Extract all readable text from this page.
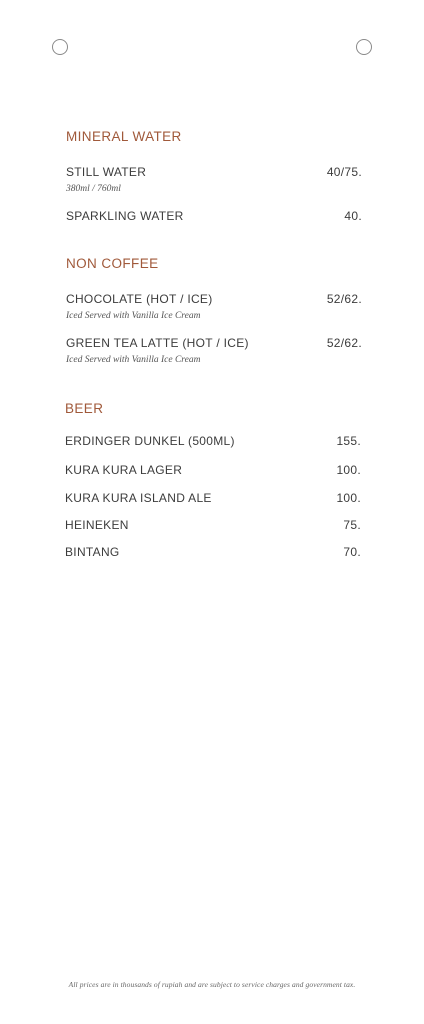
MINERAL WATER
STILL WATER	40/75.
380ml / 760ml
SPARKLING WATER	40.
NON COFFEE
CHOCOLATE (HOT / ICE)	52/62.
Iced Served with Vanilla Ice Cream
GREEN TEA LATTE (HOT / ICE)	52/62.
Iced Served with Vanilla Ice Cream
BEER
ERDINGER DUNKEL (500ML)	155.
KURA KURA LAGER	100.
KURA KURA ISLAND ALE	100.
HEINEKEN	75.
BINTANG	70.
All prices are in thousands of rupiah and are subject to service charges and government tax.
